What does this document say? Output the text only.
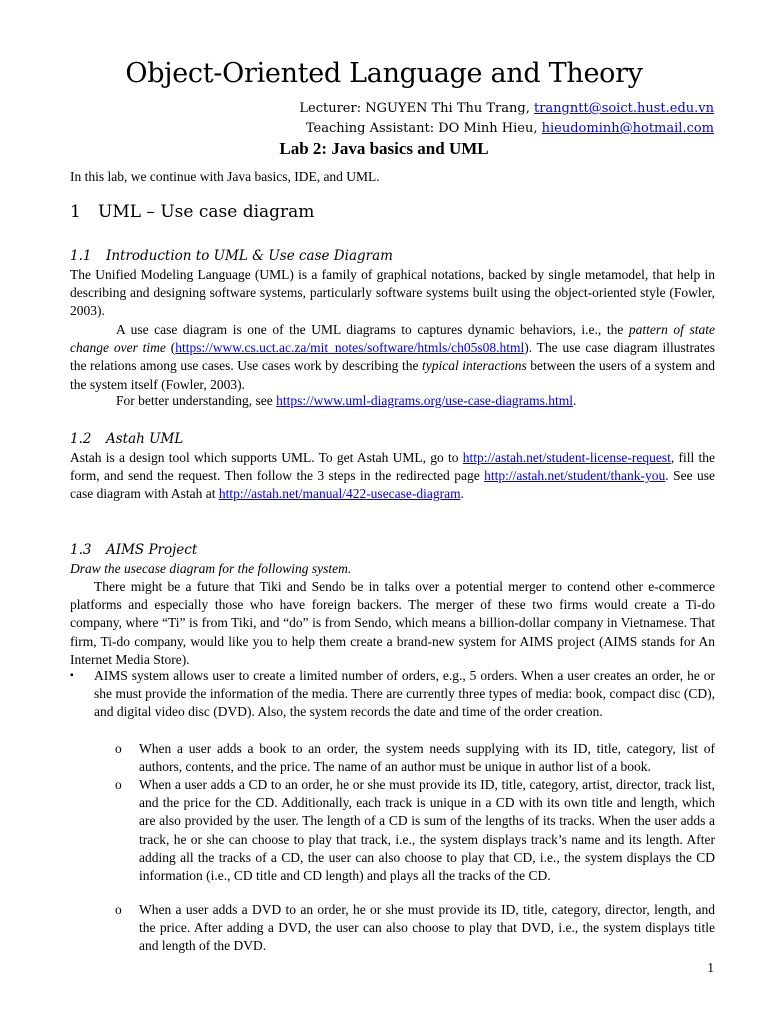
Object-Oriented Language and Theory
Lecturer: NGUYEN Thi Thu Trang, trangntt@soict.hust.edu.vn
Teaching Assistant: DO Minh Hieu, hieudominh@hotmail.com
Lab 2: Java basics and UML
In this lab, we continue with Java basics, IDE, and UML.
1 UML – Use case diagram
1.1 Introduction to UML & Use case Diagram
The Unified Modeling Language (UML) is a family of graphical notations, backed by single metamodel, that help in describing and designing software systems, particularly software systems built using the object-oriented style (Fowler, 2003).
A use case diagram is one of the UML diagrams to captures dynamic behaviors, i.e., the pattern of state change over time (https://www.cs.uct.ac.za/mit_notes/software/htmls/ch05s08.html). The use case diagram illustrates the relations among use cases. Use cases work by describing the typical interactions between the users of a system and the system itself (Fowler, 2003).
For better understanding, see https://www.uml-diagrams.org/use-case-diagrams.html.
1.2 Astah UML
Astah is a design tool which supports UML. To get Astah UML, go to http://astah.net/student-license-request, fill the form, and send the request. Then follow the 3 steps in the redirected page http://astah.net/student/thank-you. See use case diagram with Astah at http://astah.net/manual/422-usecase-diagram.
1.3 AIMS Project
Draw the usecase diagram for the following system.
There might be a future that Tiki and Sendo be in talks over a potential merger to contend other e-commerce platforms and especially those who have foreign backers. The merger of these two firms would create a Ti-do company, where “Ti” is from Tiki, and “do” is from Sendo, which means a billion-dollar company in Vietnamese. That firm, Ti-do company, would like you to help them create a brand-new system for AIMS project (AIMS stands for An Internet Media Store).
▪ AIMS system allows user to create a limited number of orders, e.g., 5 orders. When a user creates an order, he or she must provide the information of the media. There are currently three types of media: book, compact disc (CD), and digital video disc (DVD). Also, the system records the date and time of the order creation.
o When a user adds a book to an order, the system needs supplying with its ID, title, category, list of authors, contents, and the price. The name of an author must be unique in author list of a book.
o When a user adds a CD to an order, he or she must provide its ID, title, category, artist, director, track list, and the price for the CD. Additionally, each track is unique in a CD with its own title and length, which are also provided by the user. The length of a CD is sum of the lengths of its tracks. When the user adds a track, he or she can choose to play that track, i.e., the system displays track’s name and its length. After adding all the tracks of a CD, the user can also choose to play that CD, i.e., the system displays the CD information (i.e., CD title and CD length) and plays all the tracks of the CD.
o When a user adds a DVD to an order, he or she must provide its ID, title, category, director, length, and the price. After adding a DVD, the user can also choose to play that DVD, i.e., the system displays title and length of the DVD.
1
